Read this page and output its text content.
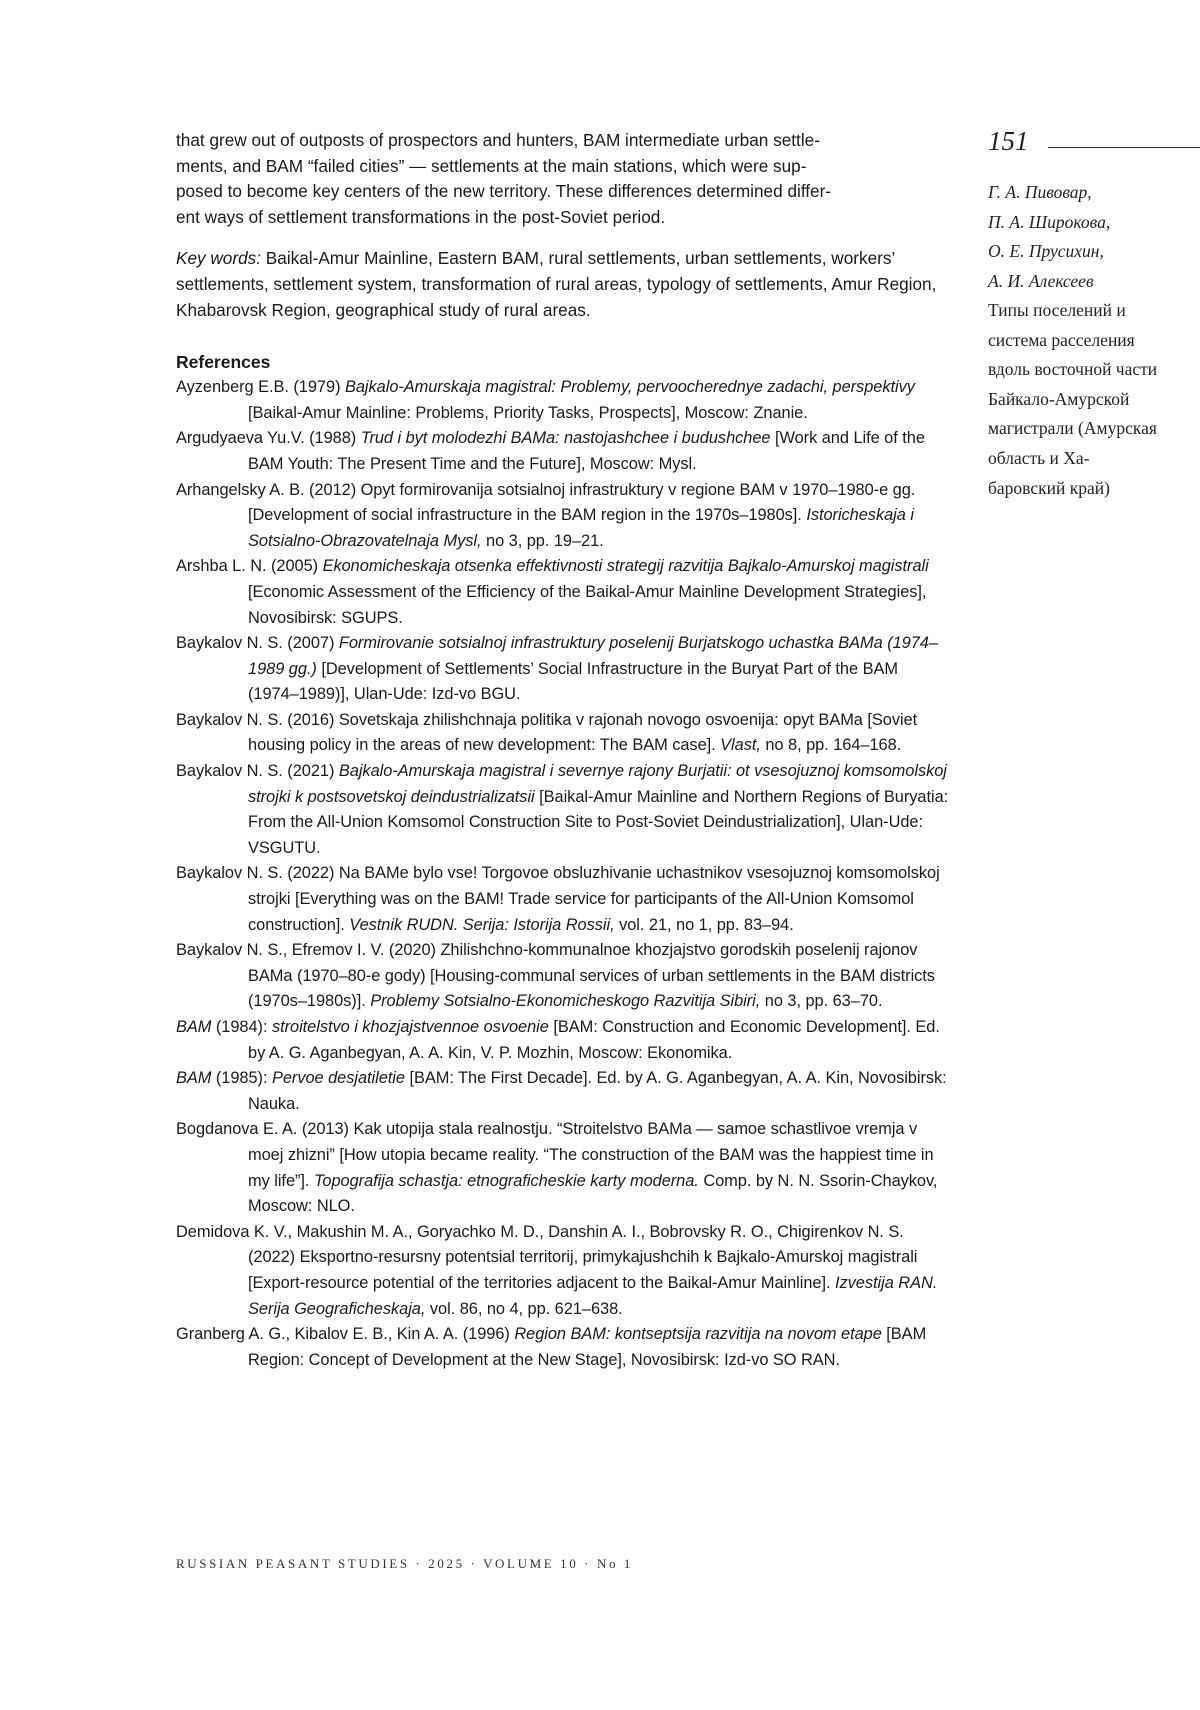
that grew out of outposts of prospectors and hunters, BAM intermediate urban settle-

ments, and BAM “failed cities” — settlements at the main stations, which were sup-

posed to become key centers of the new territory. These differences determined differ-

ent ways of settlement transformations in the post-Soviet period.

Key words: Baikal-Amur Mainline, Eastern BAM, rural settlements, urban settlements, workers’ settlements, settlement system, transformation of rural areas, typology of set­tlements, Amur Region, Khabarovsk Region, geographical study of rural areas.

References

Ayzenberg E.B. (1979) Bajkalo-Amurskaja magistral: Problemy, pervoocherednye zadachi, perspektivy [Baikal-Amur Mainline: Problems, Priority Tasks, Prospects], Moscow: Znanie.

Argudyaeva Yu.V. (1988) Trud i byt molodezhi BAMa: nastojashchee i budushchee [Work and Life of the BAM Youth: The Present Time and the Future], Moscow: Mysl.

Arhangelsky A. B. (2012) Opyt formirovanija sotsialnoj infrastruktury v regione BAM v 1970–1980-e gg. [Development of social infrastructure in the BAM region in the 1970s–1980s]. Istoricheskaja i Sotsialno-Obrazovatelnaja Mysl, no 3, pp. 19–21.

Arshba L. N. (2005) Ekonomicheskaja otsenka effektivnosti strategij razvitija Bajkalo-Amur­skoj magistrali [Economic Assessment of the Efficiency of the Baikal-Amur Mainline Development Strategies], Novosibirsk: SGUPS.

Baykalov N. S. (2007) Formirovanie sotsialnoj infrastruktury poselenij Burjatskogo uchastka BAMa (1974–1989 gg.) [Development of Settlements’ Social Infrastructure in the Buryat Part of the BAM (1974–1989)], Ulan-Ude: Izd-vo BGU.

Baykalov N. S. (2016) Sovetskaja zhilishchnaja politika v rajonah novogo osvoenija: opyt BAMa [Soviet housing policy in the areas of new development: The BAM case]. Vlast, no 8, pp. 164–168.

Baykalov N. S. (2021) Bajkalo-Amurskaja magistral i severnye rajony Burjatii: ot vsesojuznoj komsomolskoj strojki k postsovetskoj deindustrializatsii [Baikal-Amur Mainline and Northern Regions of Buryatia: From the All-Union Komsomol Construction Site to Post-Soviet Deindustrialization], Ulan-Ude: VSGUTU.

Baykalov N. S. (2022) Na BAMe bylo vse! Torgovoe obsluzhivanie uchastnikov vsesojuznoj komsomolskoj strojki [Everything was on the BAM! Trade service for participants of the All-Union Komsomol construction]. Vestnik RUDN. Serija: Istorija Rossii, vol. 21, no 1, pp. 83–94.

Baykalov N. S., Efremov I. V. (2020) Zhilishchno-kommunalnoe khozjajstvo gorodskih posele­nij rajonov BAMa (1970–80-e gody) [Housing-communal services of urban settle­ments in the BAM districts (1970s–1980s)]. Problemy Sotsialno-Ekonomicheskogo Razvitija Sibiri, no 3, pp. 63–70.

BAM (1984): stroitelstvo i khozjajstvennoe osvoenie [BAM: Construction and Economic De­velopment]. Ed. by A. G. Aganbegyan, A. A. Kin, V. P. Mozhin, Moscow: Ekonomika.

BAM (1985): Pervoe desjatiletie [BAM: The First Decade]. Ed. by A. G. Aganbegyan, A. A. Kin, Novosibirsk: Nauka.

Bogdanova E. A. (2013) Kak utopija stala realnostju. “Stroitelstvo BAMa — samoe schastli­voe vremja v moej zhizni” [How utopia became reality. “The construction of the BAM was the happiest time in my life”]. Topografija schastja: etnograficheskie karty mod­erna. Comp. by N. N. Ssorin-Chaykov, Moscow: NLO.

Demidova K. V., Makushin M. A., Goryachko M. D., Danshin A. I., Bobrovsky R. O., Chigirenkov N. S. (2022) Eksportno-resursny potentsial territorij, primykajushchih k Bajkalo-Amurskoj magistrali [Export-resource potential of the territories adjacent to the Baikal-Amur Mainline]. Izvestija RAN. Serija Geograficheskaja, vol. 86, no 4, pp. 621–638.

Granberg A. G., Kibalov E. B., Kin A. A. (1996) Region BAM: kontseptsija razvitija na novom etape [BAM Region: Concept of Development at the New Stage], Novosibirsk: Izd-vo SO RAN.

151
Г. А. Пивовар,
П. А. Широкова,
О. Е. Прусихин,
А. И. Алексеев
Типы поселений и система расселе­ния вдоль восточ­ной части Бай­кало-Амурской магистрали (Амур­ская область и Ха­баровский край)
RUSSIAN PEASANT STUDIES · 2025 · VOLUME 10 · No 1
